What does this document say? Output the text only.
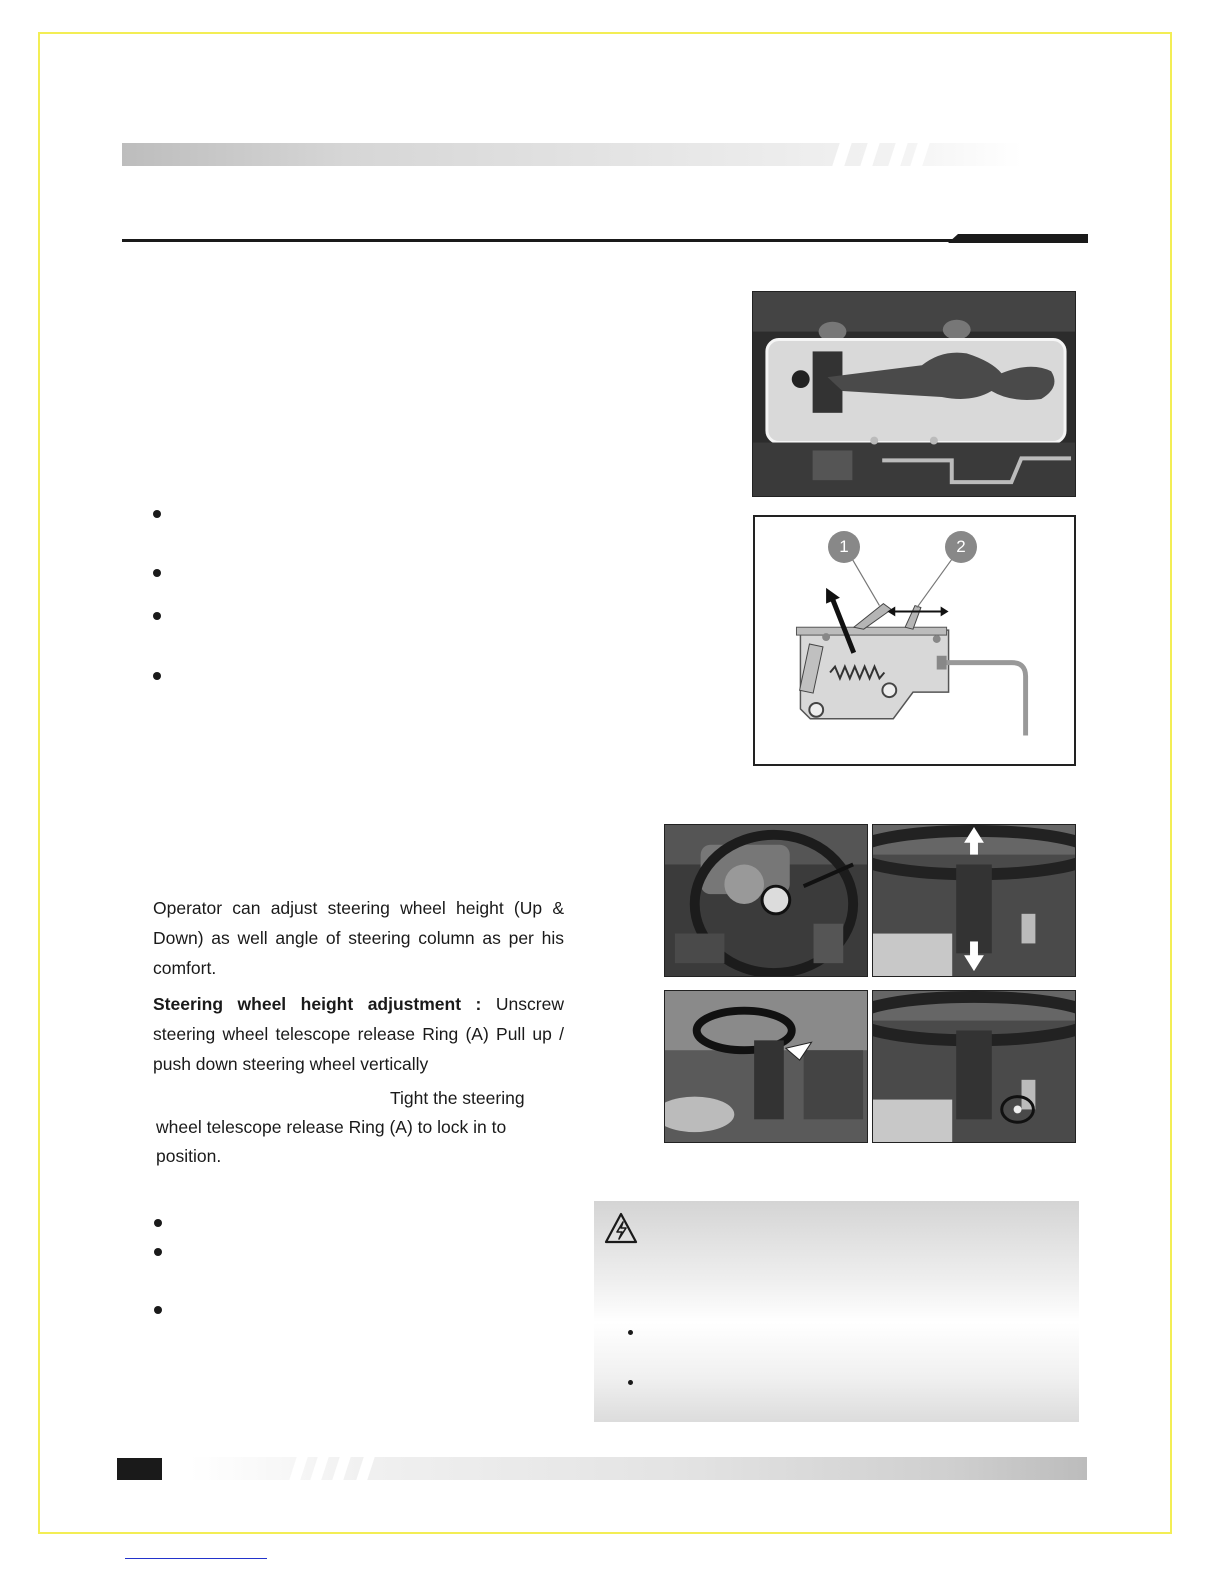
1	2
Operator can adjust steering wheel height (Up & Down) as well angle of steering column as per his comfort.
Steering wheel height adjustment : Unscrew steering wheel telescope release Ring (A) Pull up / push down steering wheel vertically
Tight the steering wheel telescope release Ring (A) to lock in to position.
